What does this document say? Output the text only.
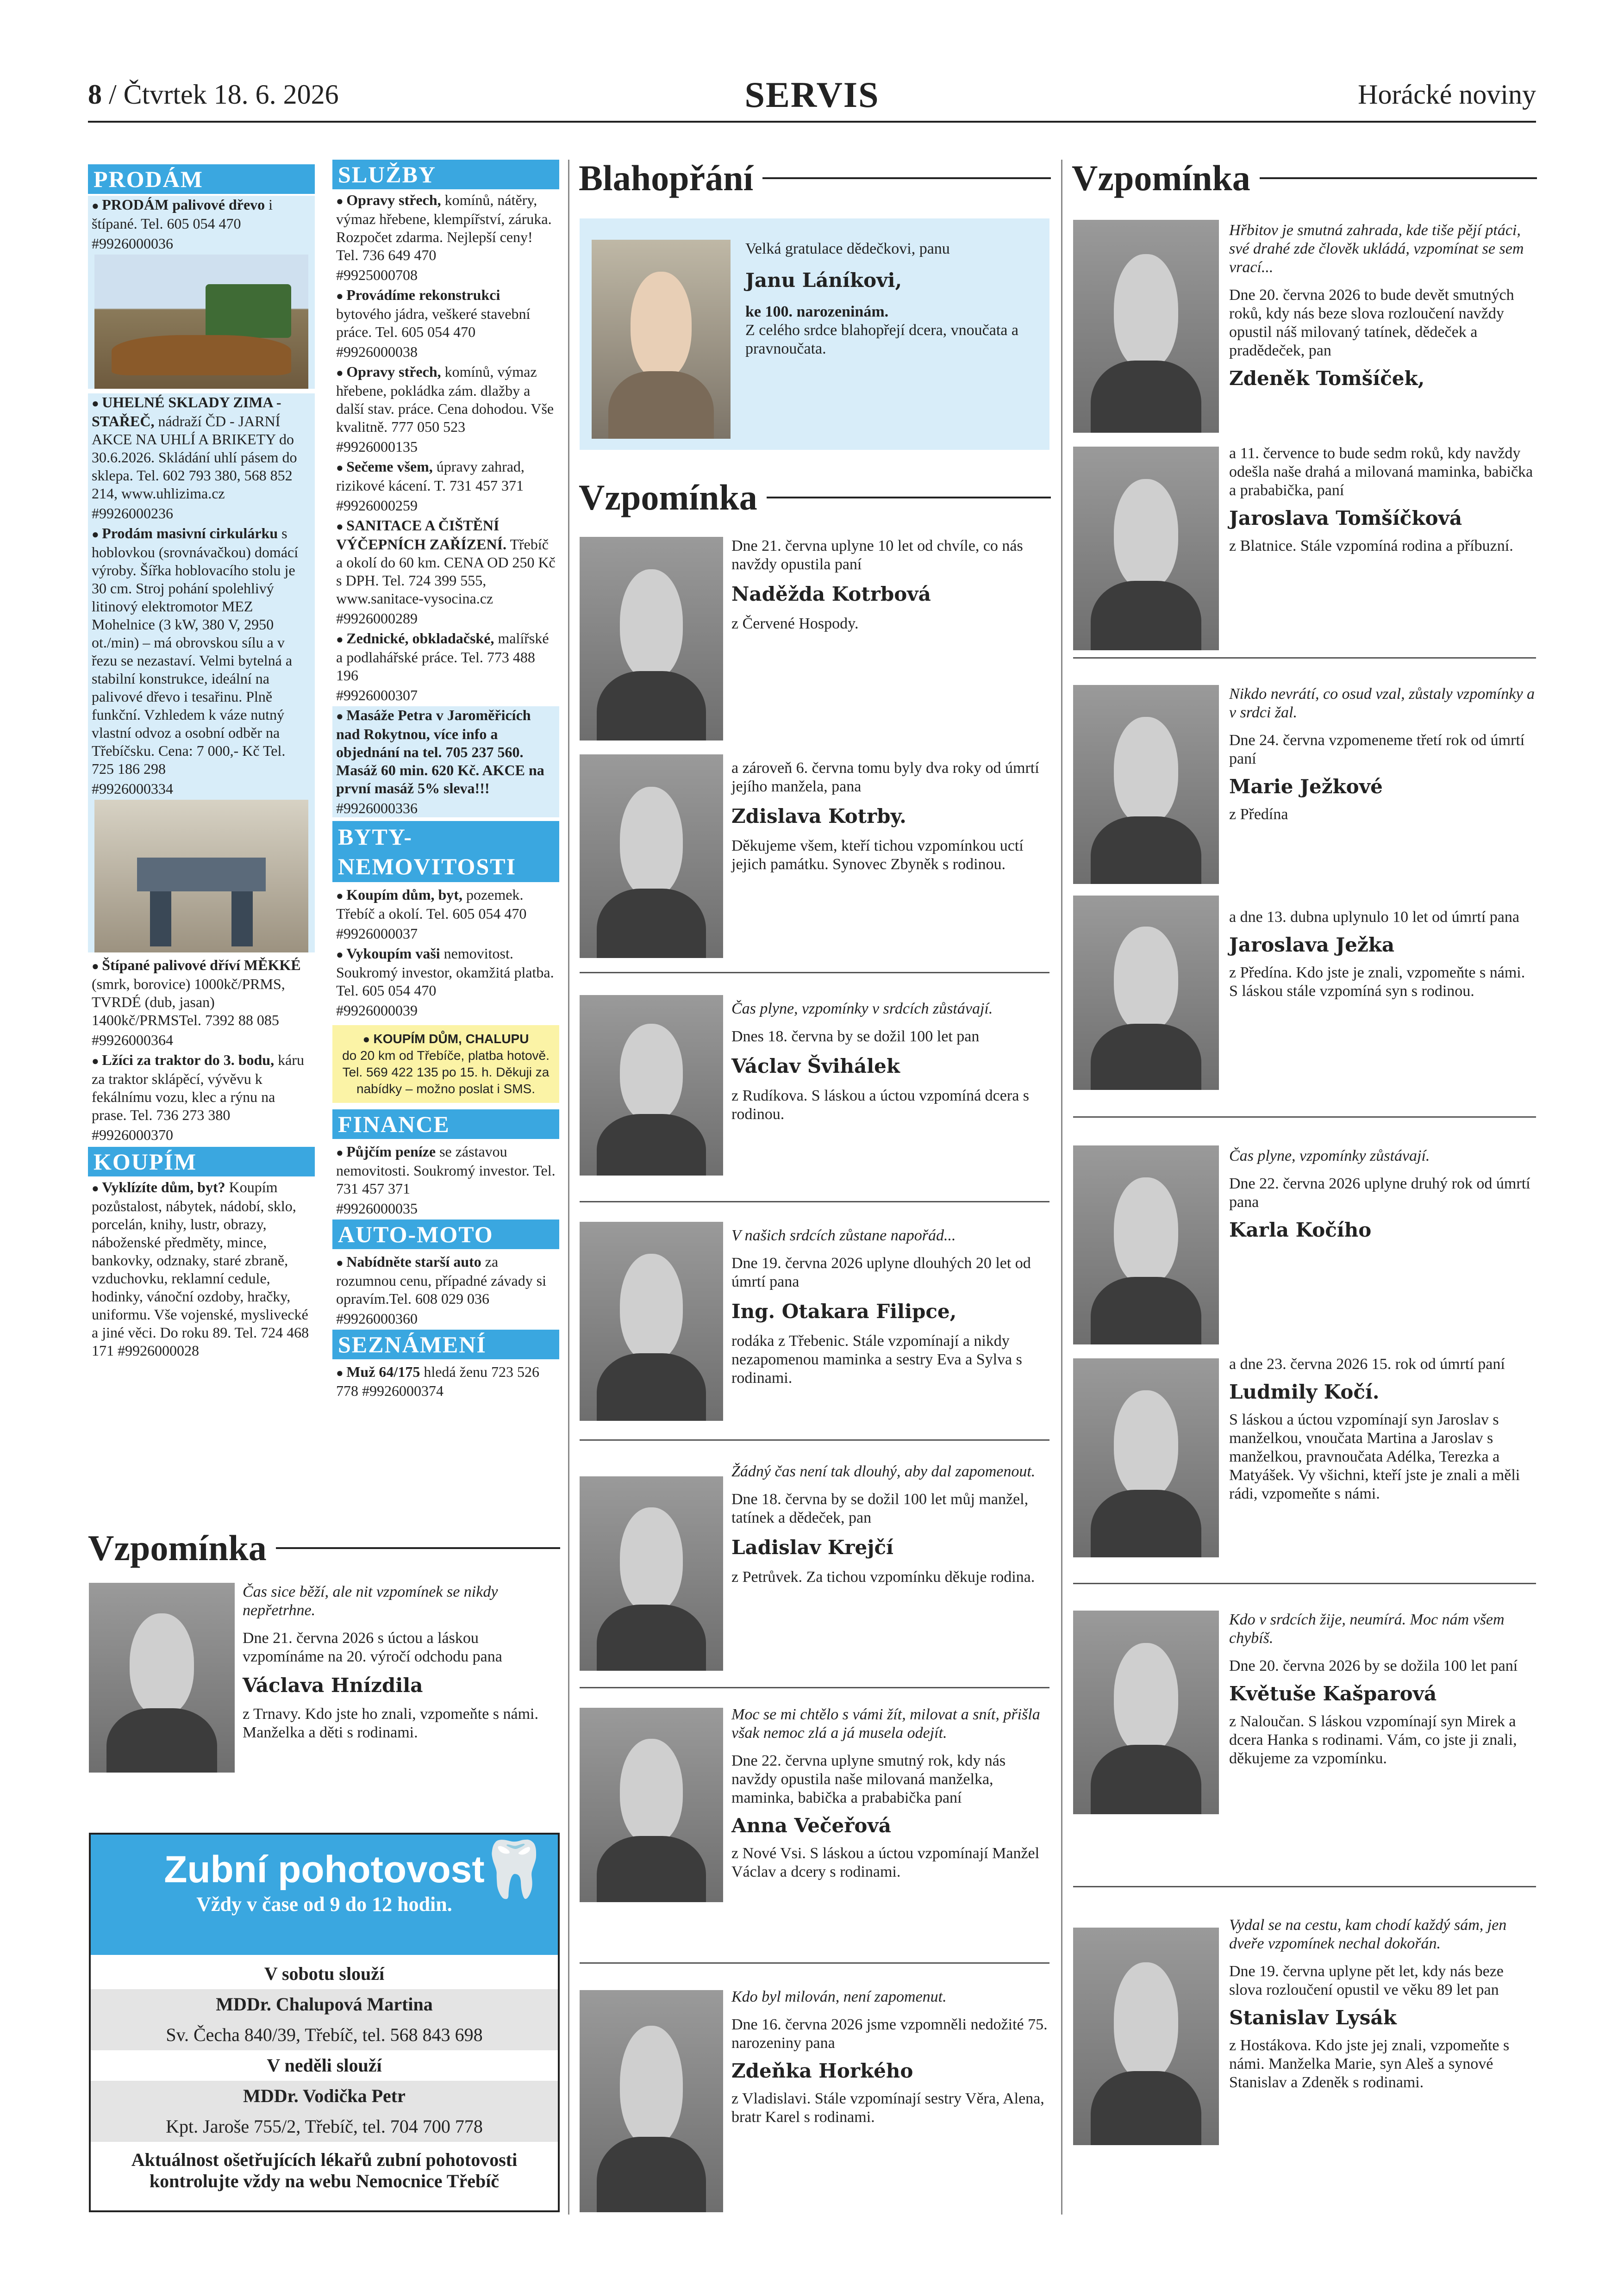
8 / Čtvrtek 18. 6. 2026	SERVIS	Horácké noviny
PRODÁM
● PRODÁM palivové dřevo i štípané. Tel. 605 054 470
#9926000036
● UHELNÉ SKLADY ZIMA - STAŘEČ, nádraží ČD - JARNÍ AKCE NA UHLÍ A BRIKETY do 30.6.2026. Skládání uhlí pásem do sklepa. Tel. 602 793 380, 568 852 214, www.uhlizima.cz
#9926000236
● Prodám masivní cirkulárku s hoblovkou (srovnávačkou) domácí výroby. Šířka hoblovacího stolu je 30 cm. Stroj pohání spolehlivý litinový elektromotor MEZ Mohelnice (3 kW, 380 V, 2950 ot./min) – má obrovskou sílu a v řezu se nezastaví. Velmi bytelná a stabilní konstrukce, ideální na palivové dřevo i tesařinu. Plně funkční. Vzhledem k váze nutný vlastní odvoz a osobní odběr na Třebíčsku. Cena: 7 000,- Kč Tel. 725 186 298
#9926000334
● Štípané palivové dříví MĚKKÉ (smrk, borovice) 1000kč/PRMS, TVRDÉ (dub, jasan) 1400kč/PRMSTel. 7392 88 085
#9926000364
● Lžíci za traktor do 3. bodu, káru za traktor sklápěcí, vývěvu k fekálnímu vozu, klec a rýnu na prase. Tel. 736 273 380
#9926000370
KOUPÍM
● Vyklízíte dům, byt? Koupím pozůstalost, nábytek, nádobí, sklo, porcelán, knihy, lustr, obrazy, náboženské předměty, mince, bankovky, odznaky, staré zbraně, vzduchovku, reklamní cedule, hodinky, vánoční ozdoby, hračky, uniformu. Vše vojenské, myslivecké a jiné věci. Do roku 89. Tel. 724 468 171 #9926000028
SLUŽBY
● Opravy střech, komínů, nátěry, výmaz hřebene, klempířství, záruka. Rozpočet zdarma. Nejlepší ceny! Tel. 736 649 470
#9925000708
● Provádíme rekonstrukci bytového jádra, veškeré stavební práce. Tel. 605 054 470
#9926000038
● Opravy střech, komínů, výmaz hřebene, pokládka zám. dlažby a další stav. práce. Cena dohodou. Vše kvalitně. 777 050 523
#9926000135
● Sečeme všem, úpravy zahrad, rizikové kácení. T. 731 457 371
#9926000259
● SANITACE A ČIŠTĚNÍ VÝČEPNÍCH ZAŘÍZENÍ. Třebíč a okolí do 60 km. CENA OD 250 Kč s DPH. Tel. 724 399 555, www.sanitace-vysocina.cz
#9926000289
● Zednické, obkladačské, malířské a podlahářské práce. Tel. 773 488 196
#9926000307
● Masáže Petra v Jaroměřicích nad Rokytnou, více info a objednání na tel. 705 237 560. Masáž 60 min. 620 Kč. AKCE na první masáž 5% sleva!!!
#9926000336
BYTY-NEMOVITOSTI
● Koupím dům, byt, pozemek. Třebíč a okolí. Tel. 605 054 470
#9926000037
● Vykoupím vaši nemovitost. Soukromý investor, okamžitá platba. Tel. 605 054 470
#9926000039
● KOUPÍM DŮM, CHALUPU
do 20 km od Třebíče, platba hotově. Tel. 569 422 135 po 15. h. Děkuji za nabídky – možno poslat i SMS.
FINANCE
● Půjčím peníze se zástavou nemovitosti. Soukromý investor. Tel. 731 457 371
#9926000035
AUTO-MOTO
● Nabídněte starší auto za rozumnou cenu, případné závady si opravím.Tel. 608 029 036
#9926000360
SEZNÁMENÍ
● Muž 64/175 hledá ženu 723 526 778 #9926000374
Vzpomínka
Čas sice běží, ale nit vzpomínek se nikdy nepřetrhne.
Dne 21. června 2026 s úctou a láskou vzpomínáme na 20. výročí odchodu pana
Václava Hnízdila
z Trnavy. Kdo jste ho znali, vzpomeňte s námi. Manželka a děti s rodinami.
Zubní pohotovost
Vždy v čase od 9 do 12 hodin.
🦷
V sobotu slouží
MDDr. Chalupová Martina
Sv. Čecha 840/39, Třebíč, tel. 568 843 698
V neděli slouží
MDDr. Vodička Petr
Kpt. Jaroše 755/2, Třebíč, tel. 704 700 778
Aktuálnost ošetřujících lékařů zubní pohotovosti kontrolujte vždy na webu Nemocnice Třebíč
Blahopřání
Velká gratulace dědečkovi, panu
Janu Láníkovi,
ke 100. narozeninám.
Z celého srdce blahopřejí dcera, vnoučata a pravnoučata.
Vzpomínka
Dne 21. června uplyne 10 let od chvíle, co nás navždy opustila paní
Naděžda Kotrbová
z Červené Hospody.
a zároveň 6. června tomu byly dva roky od úmrtí jejího manžela, pana
Zdislava Kotrby.
Děkujeme všem, kteří tichou vzpomínkou uctí jejich památku. Synovec Zbyněk s rodinou.
Čas plyne, vzpomínky v srdcích zůstávají.
Dnes 18. června by se dožil 100 let pan
Václav Švihálek
z Rudíkova. S láskou a úctou vzpomíná dcera s rodinou.
V našich srdcích zůstane napořád...
Dne 19. června 2026 uplyne dlouhých 20 let od úmrtí pana
Ing. Otakara Filipce,
rodáka z Třebenic. Stále vzpomínají a nikdy nezapomenou maminka a sestry Eva a Sylva s rodinami.
Žádný čas není tak dlouhý, aby dal zapomenout.
Dne 18. června by se dožil 100 let můj manžel, tatínek a dědeček, pan
Ladislav Krejčí
z Petrůvek. Za tichou vzpomínku děkuje rodina.
Moc se mi chtělo s vámi žít, milovat a snít, přišla však nemoc zlá a já musela odejít.
Dne 22. června uplyne smutný rok, kdy nás navždy opustila naše milovaná manželka, maminka, babička a prababička paní
Anna Večeřová
z Nové Vsi. S láskou a úctou vzpomínají Manžel Václav a dcery s rodinami.
Kdo byl milován, není zapomenut.
Dne 16. června 2026 jsme vzpomněli nedožité 75. narozeniny pana
Zdeňka Horkého
z Vladislavi. Stále vzpomínají sestry Věra, Alena, bratr Karel s rodinami.
Vzpomínka
Hřbitov je smutná zahrada, kde tiše pějí ptáci, své drahé zde člověk ukládá, vzpomínat se sem vrací...
Dne 20. června 2026 to bude devět smutných roků, kdy nás beze slova rozloučení navždy opustil náš milovaný tatínek, dědeček a pradědeček, pan
Zdeněk Tomšíček,
a 11. července to bude sedm roků, kdy navždy odešla naše drahá a milovaná maminka, babička a prababička, paní
Jaroslava Tomšíčková
z Blatnice. Stále vzpomíná rodina a příbuzní.
Nikdo nevrátí, co osud vzal, zůstaly vzpomínky a v srdci žal.
Dne 24. června vzpomeneme třetí rok od úmrtí paní
Marie Ježkové
z Předína
a dne 13. dubna uplynulo 10 let od úmrtí pana
Jaroslava Ježka
z Předína. Kdo jste je znali, vzpomeňte s námi. S láskou stále vzpomíná syn s rodinou.
Čas plyne, vzpomínky zůstávají.
Dne 22. června 2026 uplyne druhý rok od úmrtí pana
Karla Kočího
a dne 23. června 2026 15. rok od úmrtí paní
Ludmily Kočí.
S láskou a úctou vzpomínají syn Jaroslav s manželkou, vnoučata Martina a Jaroslav s manželkou, pravnoučata Adélka, Terezka a Matyášek. Vy všichni, kteří jste je znali a měli rádi, vzpomeňte s námi.
Kdo v srdcích žije, neumírá. Moc nám všem chybíš.
Dne 20. června 2026 by se dožila 100 let paní
Květuše Kašparová
z Naloučan. S láskou vzpomínají syn Mirek a dcera Hanka s rodinami. Vám, co jste ji znali, děkujeme za vzpomínku.
Vydal se na cestu, kam chodí každý sám, jen dveře vzpomínek nechal dokořán.
Dne 19. června uplyne pět let, kdy nás beze slova rozloučení opustil ve věku 89 let pan
Stanislav Lysák
z Hostákova. Kdo jste jej znali, vzpomeňte s námi. Manželka Marie, syn Aleš a synové Stanislav a Zdeněk s rodinami.
